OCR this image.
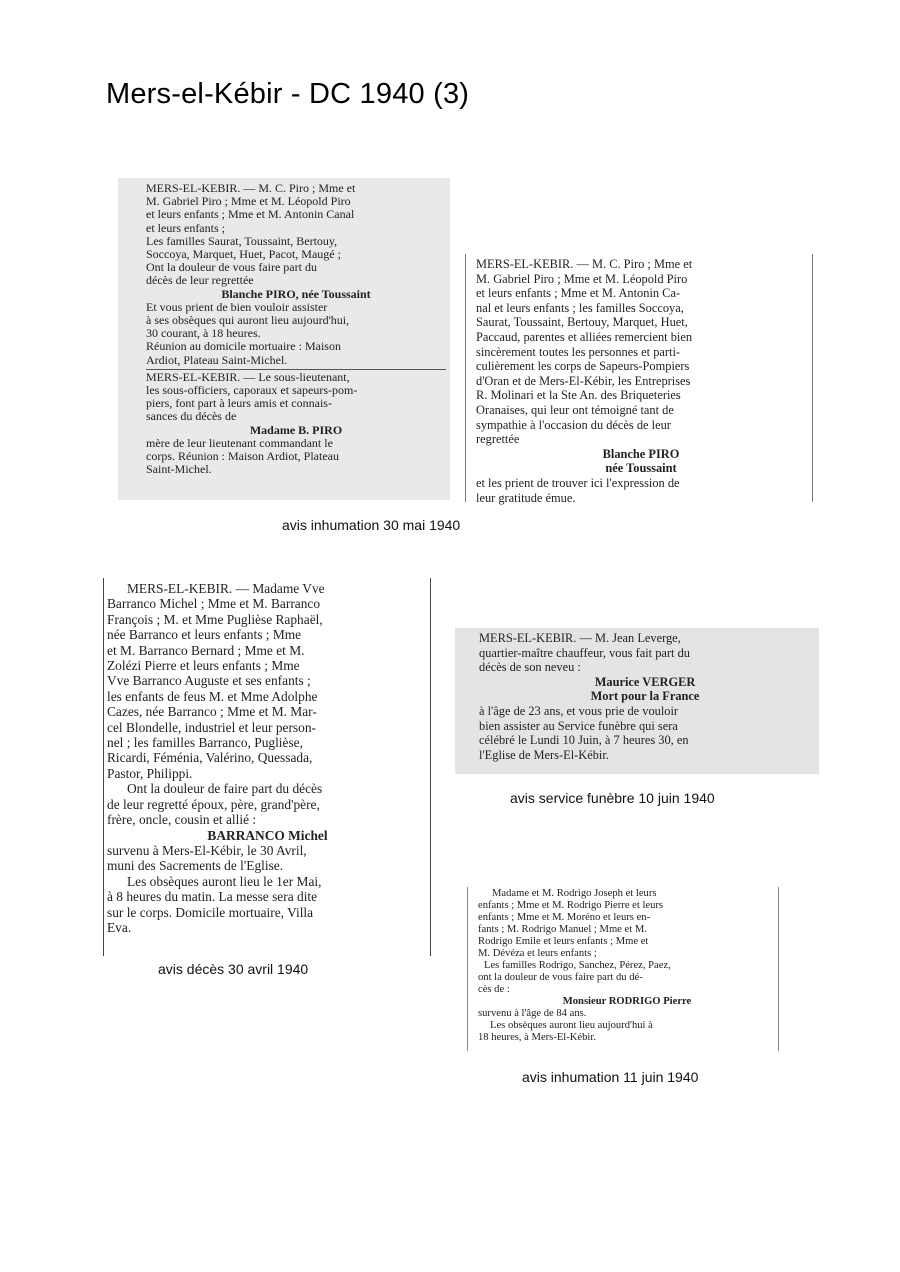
Mers-el-Kébir - DC 1940 (3)
MERS-EL-KEBIR. — M. C. Piro ; Mme et
M. Gabriel Piro ; Mme et M. Léopold Piro
et leurs enfants ; Mme et M. Antonin Canal
et leurs enfants ;
Les familles Saurat, Toussaint, Bertouy,
Soccoya, Marquet, Huet, Pacot, Maugé ;
Ont la douleur de vous faire part du
décès de leur regrettée
Blanche PIRO, née Toussaint
Et vous prient de bien vouloir assister
à ses obsèques qui auront lieu aujourd'hui,
30 courant, à 18 heures.
Réunion au domicile mortuaire : Maison
Ardiot, Plateau Saint-Michel.
MERS-EL-KEBIR. — Le sous-lieutenant,
les sous-officiers, caporaux et sapeurs-pom-
piers, font part à leurs amis et connais-
sances du décès de
Madame B. PIRO
mère de leur lieutenant commandant le
corps. Réunion : Maison Ardiot, Plateau
Saint-Michel.
MERS-EL-KEBIR. — M. C. Piro ; Mme et
M. Gabriel Piro ; Mme et M. Léopold Piro
et leurs enfants ; Mme et M. Antonin Ca-
nal et leurs enfants ; les familles Soccoya,
Saurat, Toussaint, Bertouy, Marquet, Huet,
Paccaud, parentes et alliées remercient bien
sincèrement toutes les personnes et parti-
culièrement les corps de Sapeurs-Pompiers
d'Oran et de Mers-El-Kébir, les Entreprises
R. Molinari et la Ste An. des Briqueteries
Oranaises, qui leur ont témoigné tant de
sympathie à l'occasion du décès de leur
regrettée
Blanche PIRO
née Toussaint
et les prient de trouver ici l'expression de
leur gratitude émue.
avis inhumation 30 mai 1940
MERS-EL-KEBIR. — Madame Vve
Barranco Michel ; Mme et M. Barranco
François ; M. et Mme Puglièse Raphaël,
née Barranco et leurs enfants ; Mme
et M. Barranco Bernard ; Mme et M.
Zolézi Pierre et leurs enfants ; Mme
Vve Barranco Auguste et ses enfants ;
les enfants de feus M. et Mme Adolphe
Cazes, née Barranco ; Mme et M. Mar-
cel Blondelle, industriel et leur person-
nel ; les familles Barranco, Puglièse,
Ricardi, Féménia, Valérino, Quessada,
Pastor, Philippi.
Ont la douleur de faire part du décès
de leur regretté époux, père, grand'père,
frère, oncle, cousin et allié :
BARRANCO Michel
survenu à Mers-El-Kébir, le 30 Avril,
muni des Sacrements de l'Eglise.
Les obsèques auront lieu le 1er Mai,
à 8 heures du matin. La messe sera dite
sur le corps. Domicile mortuaire, Villa
Eva.
avis décès 30 avril 1940
MERS-EL-KEBIR. — M. Jean Leverge,
quartier-maître chauffeur, vous fait part du
décès de son neveu :
Maurice VERGER
Mort pour la France
à l'âge de 23 ans, et vous prie de vouloir
bien assister au Service funèbre qui sera
célébré le Lundi 10 Juin, à 7 heures 30, en
l'Eglise de Mers-El-Kébir.
avis service funèbre 10 juin 1940
Madame et M. Rodrigo Joseph et leurs
enfants ; Mme et M. Rodrigo Pierre et leurs
enfants ; Mme et M. Moréno et leurs en-
fants ; M. Rodrigo Manuel ; Mme et M.
Rodrigo Emile et leurs enfants ; Mme et
M. Dévéza et leurs enfants ;
Les familles Rodrigo, Sanchez, Pérez, Paez,
ont la douleur de vous faire part du dé-
cès de :
Monsieur RODRIGO Pierre
survenu à l'âge de 84 ans.
Les obsèques auront lieu aujourd'hui à
18 heures, à Mers-El-Kébir.
avis inhumation 11 juin 1940
